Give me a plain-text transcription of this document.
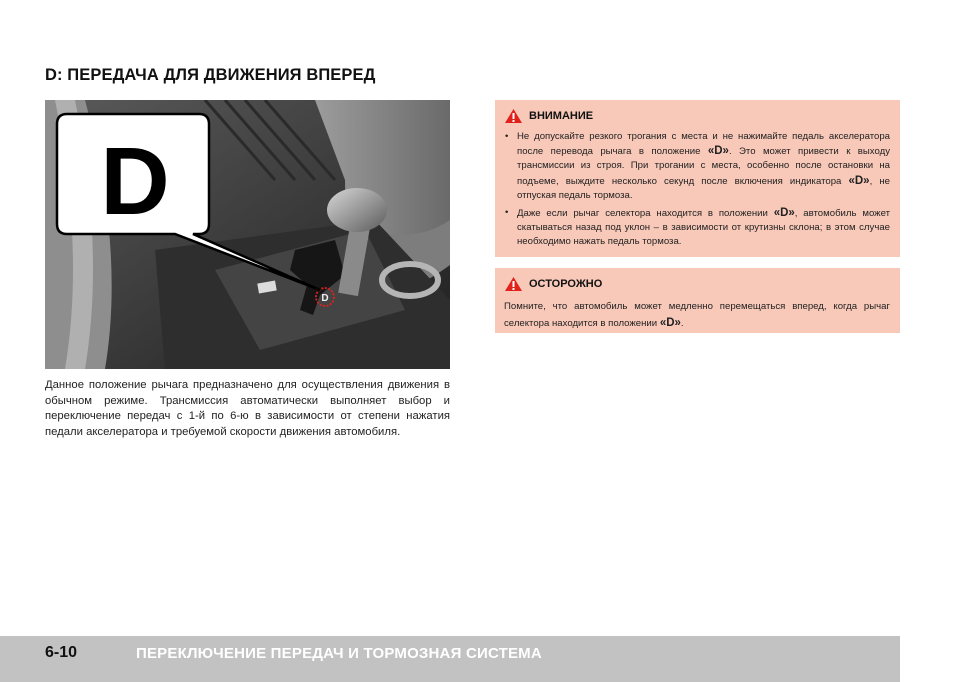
D: ПЕРЕДАЧА ДЛЯ ДВИЖЕНИЯ ВПЕРЕД
D
D
Данное положение рычага предназначено для осуществления движения в обычном режиме. Трансмиссия автоматически выполняет выбор и переключение передач с 1-й по 6-ю в зависимости от степени нажатия педали акселератора и требуемой скорости движения автомобиля.
ВНИМАНИЕ
• Не допускайте резкого трогания с места и не нажимайте педаль акселератора после перевода рычага в положение «D». Это может привести к выходу трансмиссии из строя. При трогании с места, особенно после остановки на подъеме, выждите несколько секунд после включения индикатора «D», не отпуская педаль тормоза.
• Даже если рычаг селектора находится в положении «D», автомобиль может скатываться назад под уклон – в зависимости от крутизны склона; в этом случае необходимо нажать педаль тормоза.
ОСТОРОЖНО

Помните, что автомобиль может медленно перемещаться вперед, когда рычаг селектора находится в положении «D».

6-10	ПЕРЕКЛЮЧЕНИЕ ПЕРЕДАЧ И ТОРМОЗНАЯ СИСТЕМА
